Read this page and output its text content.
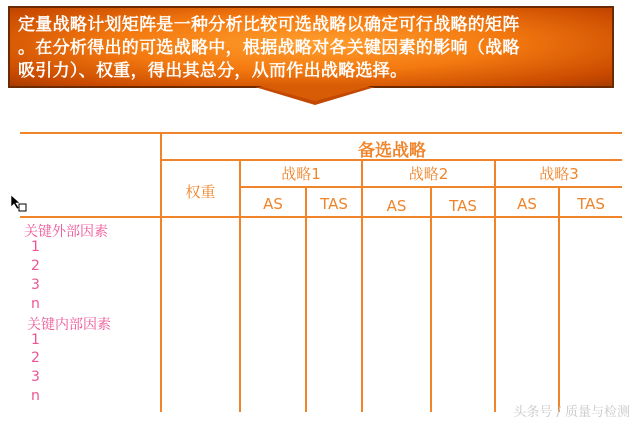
定量战略计划矩阵是一种分析比较可选战略以确定可行战略的矩阵

。在分析得出的可选战略中，根据战略对各关键因素的影响（战略

吸引力）、权重，得出其总分，从而作出战略选择。

备选战略
权重
战略1	战略2	战略3
AS	TAS	AS	TAS	AS	TAS
关键外部因素
1
2
3
n
关键内部因素
1
2
3
n
头条号 / 质量与检测
